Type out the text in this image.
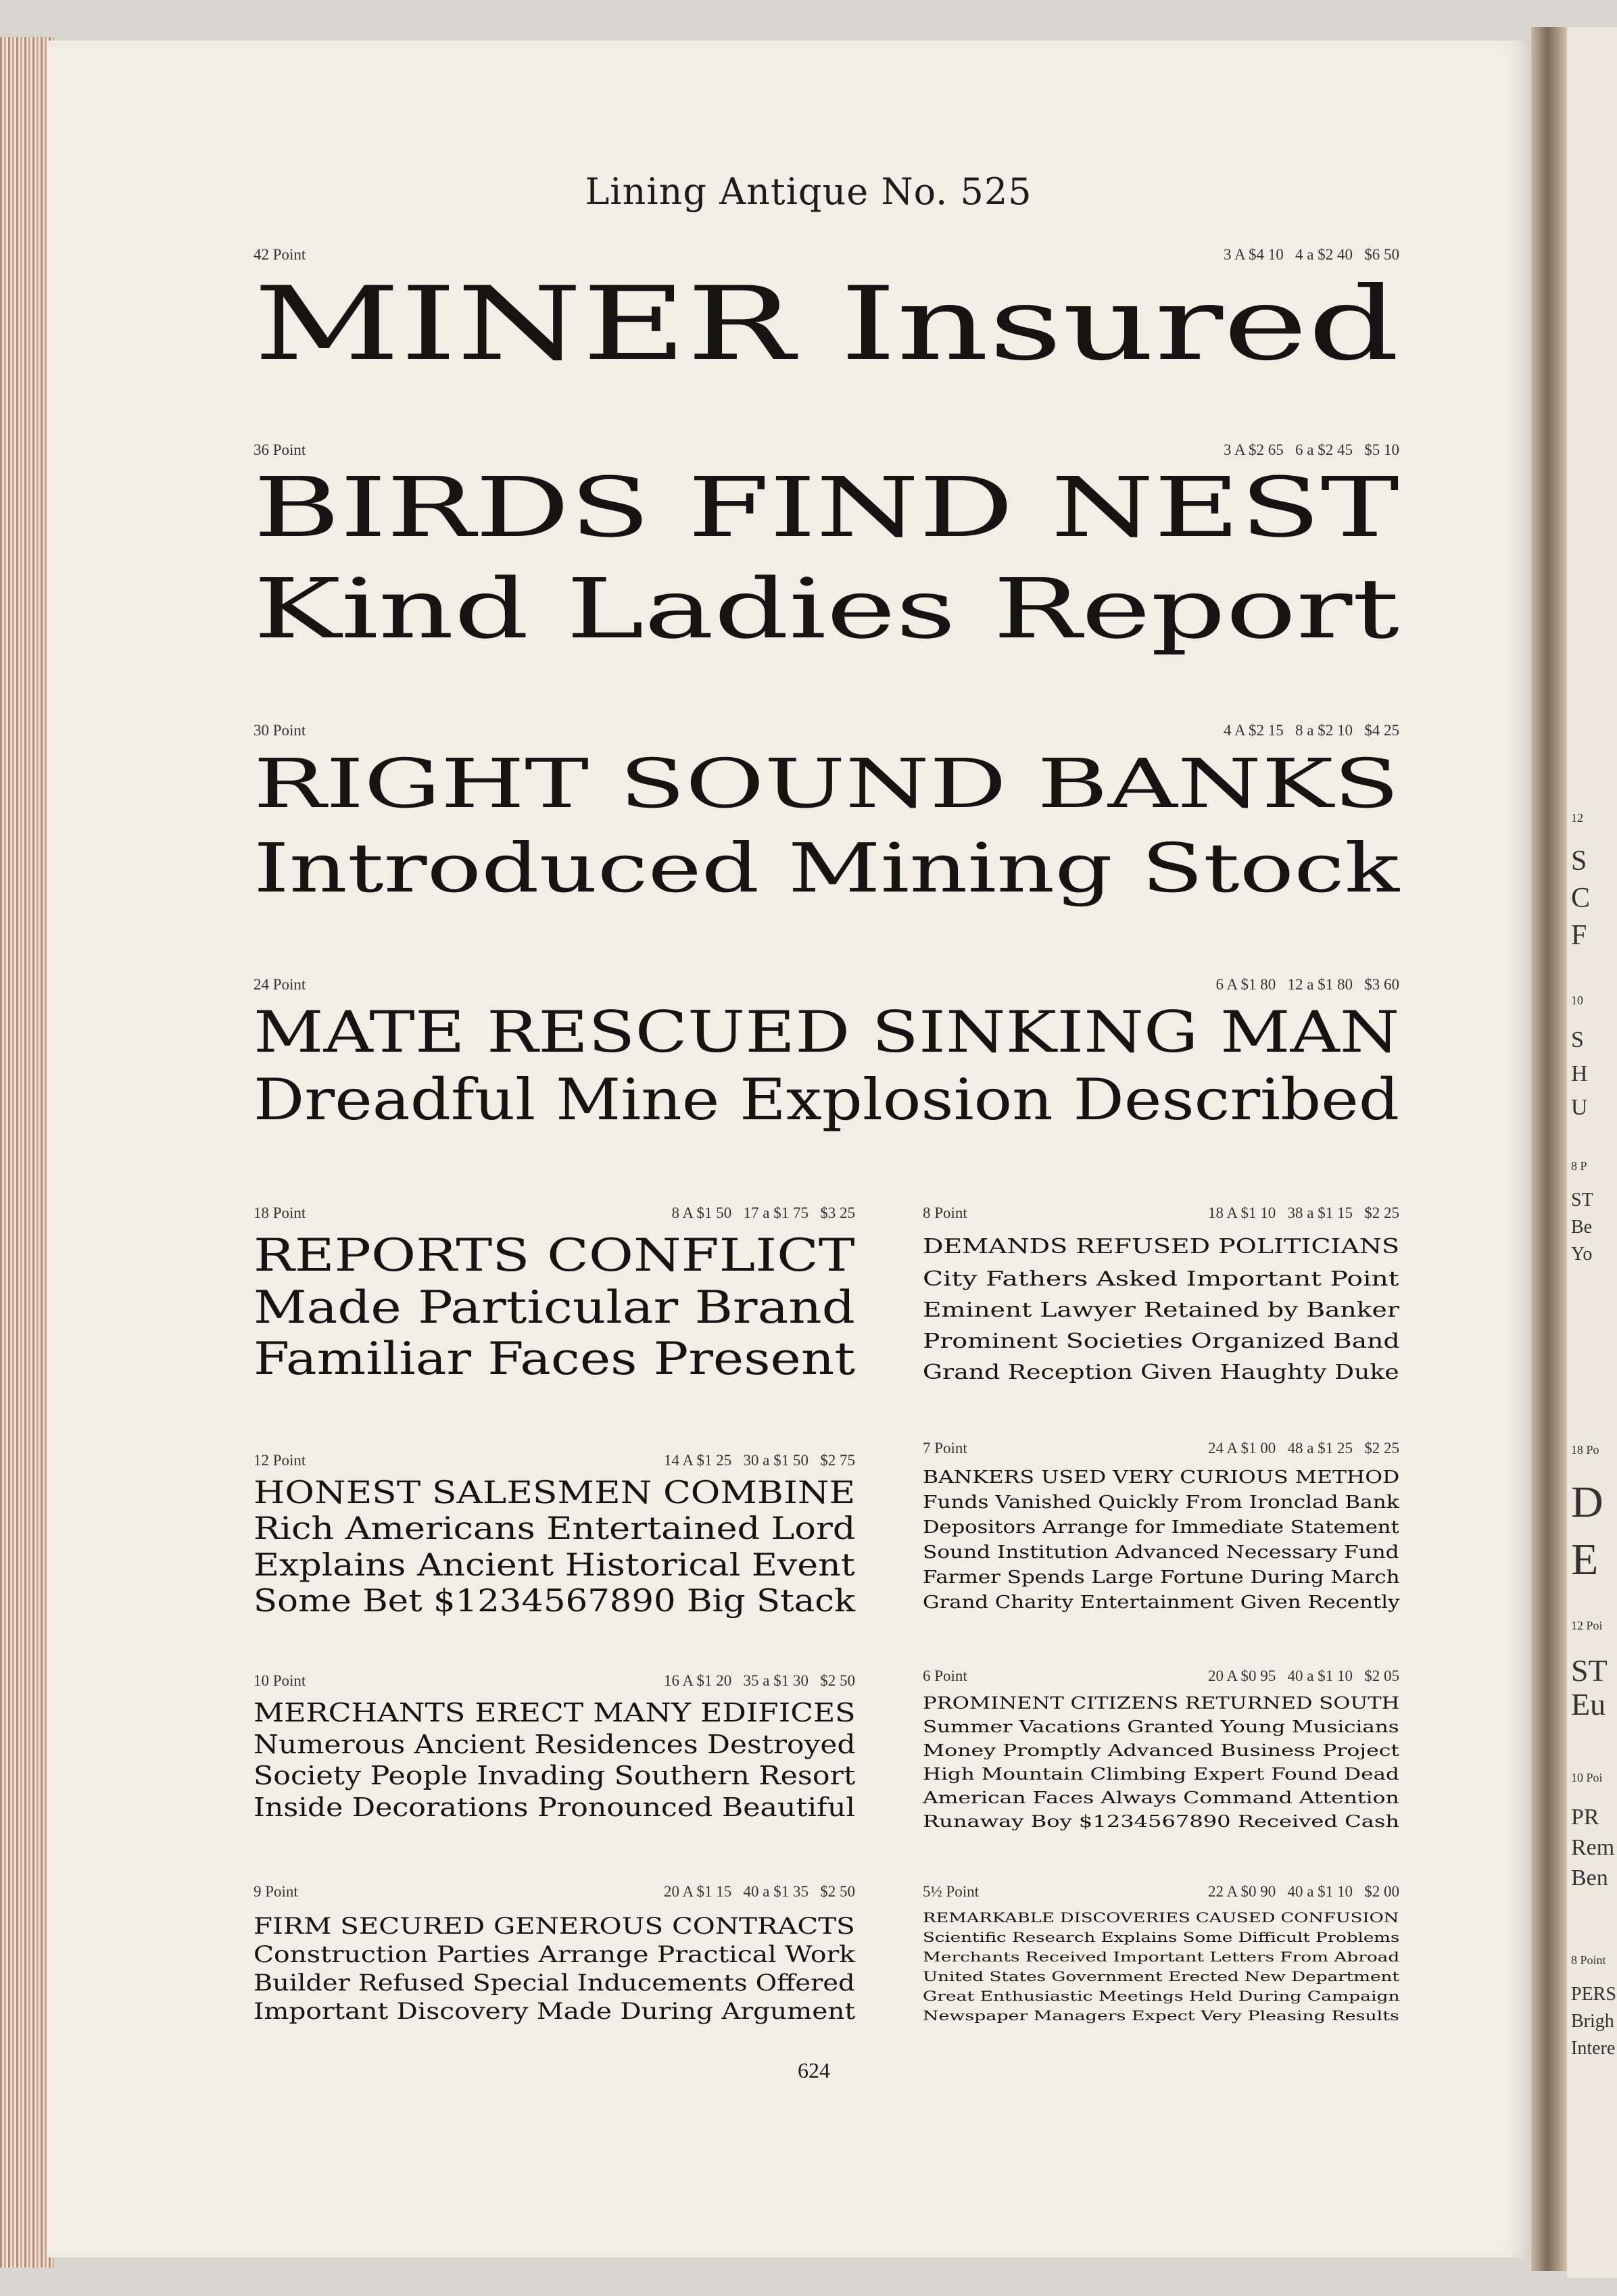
12
S
C
F
10
S
H
U
8 P
ST
Be
Yo
18 Po
D
E
12 Poi
ST
Eu
10 Poi
PR
Rem
Ben
8 Point
PERS
Brigh
Intere
Lining Antique No. 525
42 Point	3 A $4 10   4 a $2 40   $6 50
MINER Insured
36 Point	3 A $2 65   6 a $2 45   $5 10
BIRDS FIND NEST
Kind Ladies Report
30 Point	4 A $2 15   8 a $2 10   $4 25
RIGHT SOUND BANKS
Introduced Mining Stock
24 Point	6 A $1 80   12 a $1 80   $3 60
MATE RESCUED SINKING MAN
Dreadful Mine Explosion Described
18 Point	8 A $1 50   17 a $1 75   $3 25
REPORTS CONFLICT
Made Particular Brand
Familiar Faces Present
12 Point	14 A $1 25   30 a $1 50   $2 75
HONEST SALESMEN COMBINE
Rich Americans Entertained Lord
Explains Ancient Historical Event
Some Bet $1234567890 Big Stack
10 Point	16 A $1 20   35 a $1 30   $2 50
MERCHANTS ERECT MANY EDIFICES
Numerous Ancient Residences Destroyed
Society People Invading Southern Resort
Inside Decorations Pronounced Beautiful
9 Point	20 A $1 15   40 a $1 35   $2 50
FIRM SECURED GENEROUS CONTRACTS
Construction Parties Arrange Practical Work
Builder Refused Special Inducements Offered
Important Discovery Made During Argument
8 Point	18 A $1 10   38 a $1 15   $2 25
DEMANDS REFUSED POLITICIANS
City Fathers Asked Important Point
Eminent Lawyer Retained by Banker
Prominent Societies Organized Band
Grand Reception Given Haughty Duke
7 Point	24 A $1 00   48 a $1 25   $2 25
BANKERS USED VERY CURIOUS METHOD
Funds Vanished Quickly From Ironclad Bank
Depositors Arrange for Immediate Statement
Sound Institution Advanced Necessary Fund
Farmer Spends Large Fortune During March
Grand Charity Entertainment Given Recently
6 Point	20 A $0 95   40 a $1 10   $2 05
PROMINENT CITIZENS RETURNED SOUTH
Summer Vacations Granted Young Musicians
Money Promptly Advanced Business Project
High Mountain Climbing Expert Found Dead
American Faces Always Command Attention
Runaway Boy $1234567890 Received Cash
5½ Point	22 A $0 90   40 a $1 10   $2 00
REMARKABLE DISCOVERIES CAUSED CONFUSION
Scientific Research Explains Some Difficult Problems
Merchants Received Important Letters From Abroad
United States Government Erected New Department
Great Enthusiastic Meetings Held During Campaign
Newspaper Managers Expect Very Pleasing Results
624
